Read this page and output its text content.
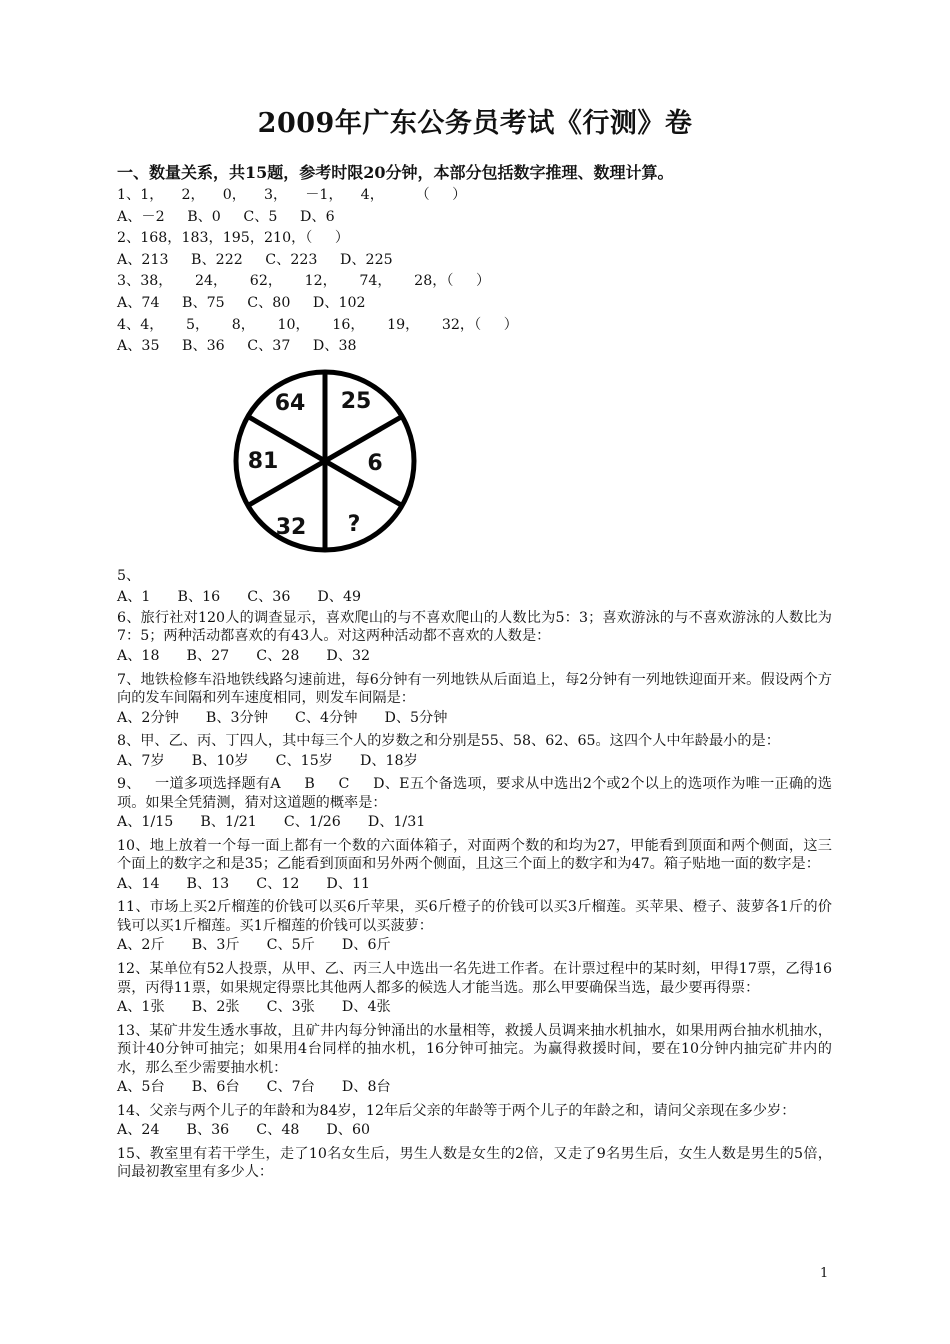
2009年广东公务员考试《行测》卷
一、数量关系，共15题，参考时限20分钟，本部分包括数字推理、数理计算。

1、1，    2，    0，    3，    －1，    4，       （     ）

A、－2     B、0     C、5     D、6

2、168，183，195，210，（     ）

A、213     B、222     C、223     D、225

3、38，     24，     62，     12，     74，     28，（     ）

A、74     B、75     C、80     D、102

4、4，     5，     8，     10，     16，     19，     32，（     ）

A、35     B、36     C、37     D、38

64 25
6
?
32
81

5、

A、1      B、16      C、36      D、49

6、旅行社对120人的调查显示，喜欢爬山的与不喜欢爬山的人数比为5：3；喜欢游泳的与不喜欢游泳的人数比为7：5；两种活动都喜欢的有43人。对这两种活动都不喜欢的人数是：

A、18      B、27      C、28      D、32

7、地铁检修车沿地铁线路匀速前进，每6分钟有一列地铁从后面追上，每2分钟有一列地铁迎面开来。假设两个方向的发车间隔和列车速度相同，则发车间隔是：

A、2分钟      B、3分钟      C、4分钟      D、5分钟

8、甲、乙、丙、丁四人，其中每三个人的岁数之和分别是55、58、62、65。这四个人中年龄最小的是：

A、7岁      B、10岁      C、15岁      D、18岁

9、   一道多项选择题有A     B     C     D、E五个备选项，要求从中选出2个或2个以上的选项作为唯一正确的选项。如果全凭猜测，猜对这道题的概率是：

A、1/15      B、1/21      C、1/26      D、1/31

10、地上放着一个每一面上都有一个数的六面体箱子，对面两个数的和均为27，甲能看到顶面和两个侧面，这三个面上的数字之和是35；乙能看到顶面和另外两个侧面，且这三个面上的数字和为47。箱子贴地一面的数字是：

A、14      B、13      C、12      D、11

11、市场上买2斤榴莲的价钱可以买6斤苹果，买6斤橙子的价钱可以买3斤榴莲。买苹果、橙子、菠萝各1斤的价钱可以买1斤榴莲。买1斤榴莲的价钱可以买菠萝：

A、2斤      B、3斤      C、5斤      D、6斤

12、某单位有52人投票，从甲、乙、丙三人中选出一名先进工作者。在计票过程中的某时刻，甲得17票，乙得16票，丙得11票，如果规定得票比其他两人都多的候选人才能当选。那么甲要确保当选，最少要再得票：

A、1张      B、2张      C、3张      D、4张

13、某矿井发生透水事故，且矿井内每分钟涌出的水量相等，救援人员调来抽水机抽水，如果用两台抽水机抽水，预计40分钟可抽完；如果用4台同样的抽水机，16分钟可抽完。为赢得救援时间，要在10分钟内抽完矿井内的水，那么至少需要抽水机：

A、5台      B、6台      C、7台      D、8台

14、父亲与两个儿子的年龄和为84岁，12年后父亲的年龄等于两个儿子的年龄之和，请问父亲现在多少岁：

A、24      B、36      C、48      D、60

15、教室里有若干学生，走了10名女生后，男生人数是女生的2倍，又走了9名男生后，女生人数是男生的5倍，问最初教室里有多少人：

1
